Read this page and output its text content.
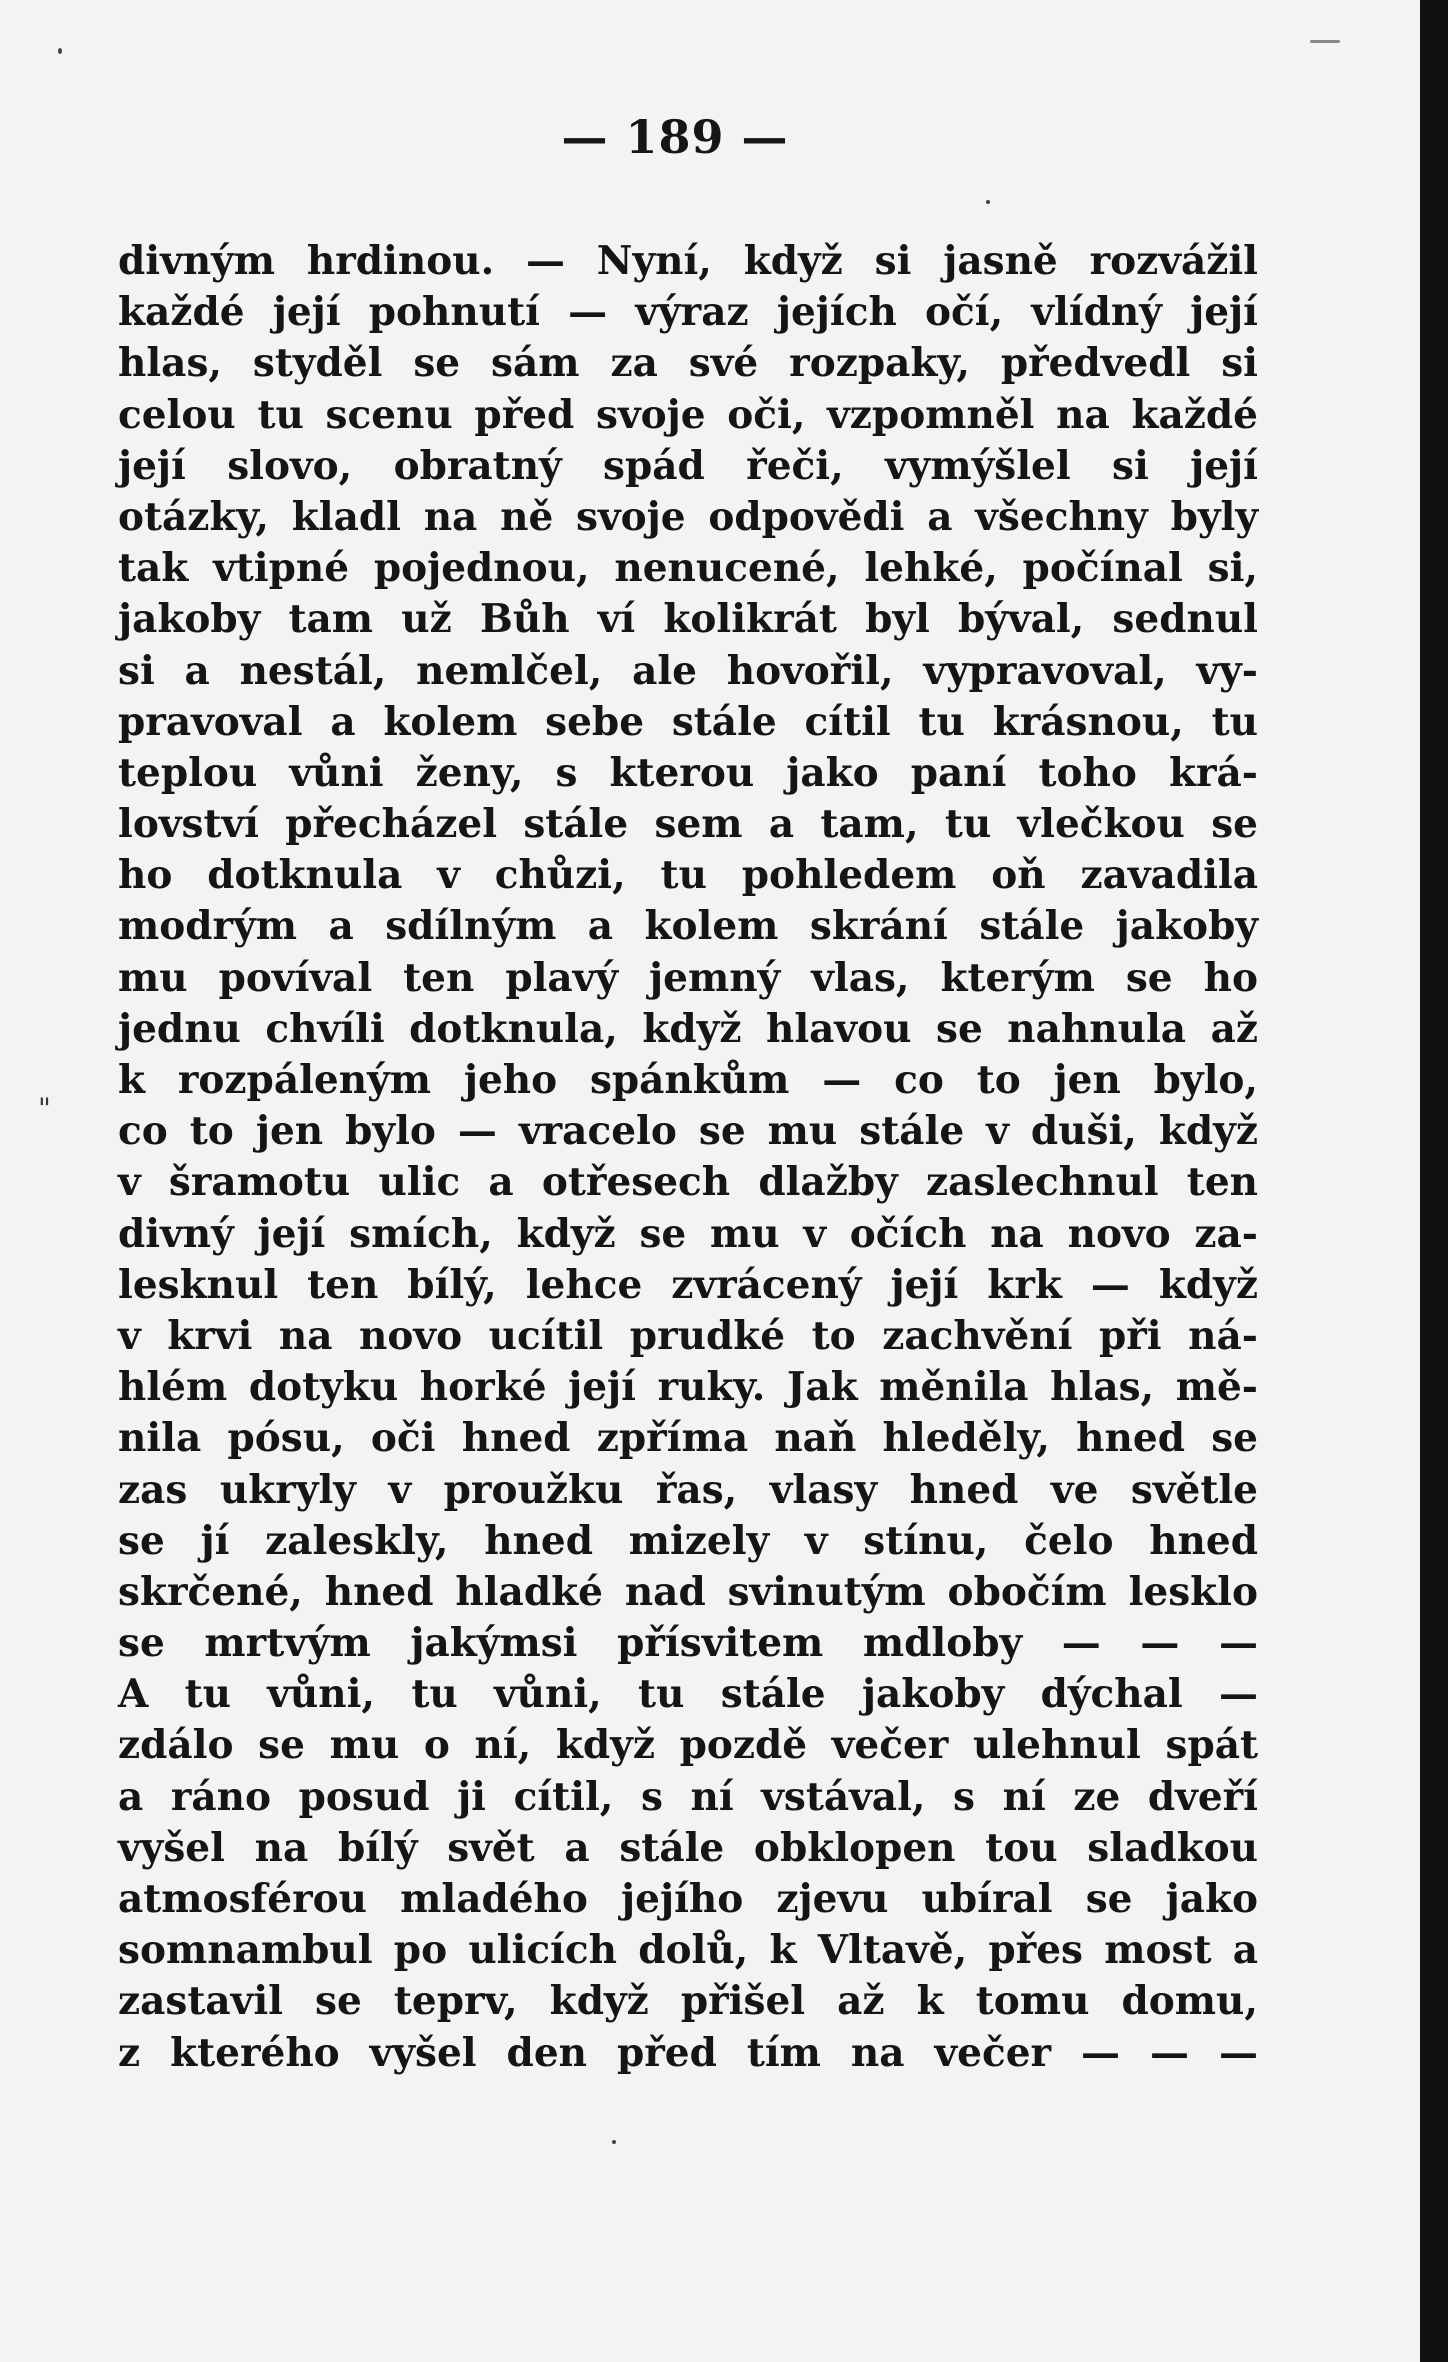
— 189 —
"
divným hrdinou. — Nyní, když si jasně rozvážil
každé její pohnutí — výraz jejích očí, vlídný její
hlas, styděl se sám za své rozpaky, předvedl si
celou tu scenu před svoje oči, vzpomněl na každé
její slovo, obratný spád řeči, vymýšlel si její
otázky, kladl na ně svoje odpovědi a všechny byly
tak vtipné pojednou, nenucené, lehké, počínal si,
jakoby tam už Bůh ví kolikrát byl býval, sednul
si a nestál, nemlčel, ale hovořil, vypravoval, vy-
pravoval a kolem sebe stále cítil tu krásnou, tu
teplou vůni ženy, s kterou jako paní toho krá-
lovství přecházel stále sem a tam, tu vlečkou se
ho dotknula v chůzi, tu pohledem oň zavadila
modrým a sdílným a kolem skrání stále jakoby
mu povíval ten plavý jemný vlas, kterým se ho
jednu chvíli dotknula, když hlavou se nahnula až
k rozpáleným jeho spánkům — co to jen bylo,
co to jen bylo — vracelo se mu stále v duši, když
v šramotu ulic a otřesech dlažby zaslechnul ten
divný její smích, když se mu v očích na novo za-
lesknul ten bílý, lehce zvrácený její krk — když
v krvi na novo ucítil prudké to zachvění při ná-
hlém dotyku horké její ruky. Jak měnila hlas, mě-
nila pósu, oči hned zpříma naň hleděly, hned se
zas ukryly v proužku řas, vlasy hned ve světle
se jí zaleskly, hned mizely v stínu, čelo hned
skrčené, hned hladké nad svinutým obočím lesklo
se mrtvým jakýmsi přísvitem mdloby — — —
A tu vůni, tu vůni, tu stále jakoby dýchal —
zdálo se mu o ní, když pozdě večer ulehnul spát
a ráno posud ji cítil, s ní vstával, s ní ze dveří
vyšel na bílý svět a stále obklopen tou sladkou
atmosférou mladého jejího zjevu ubíral se jako
somnambul po ulicích dolů, k Vltavě, přes most a
zastavil se teprv, když přišel až k tomu domu,
z kterého vyšel den před tím na večer — — —
